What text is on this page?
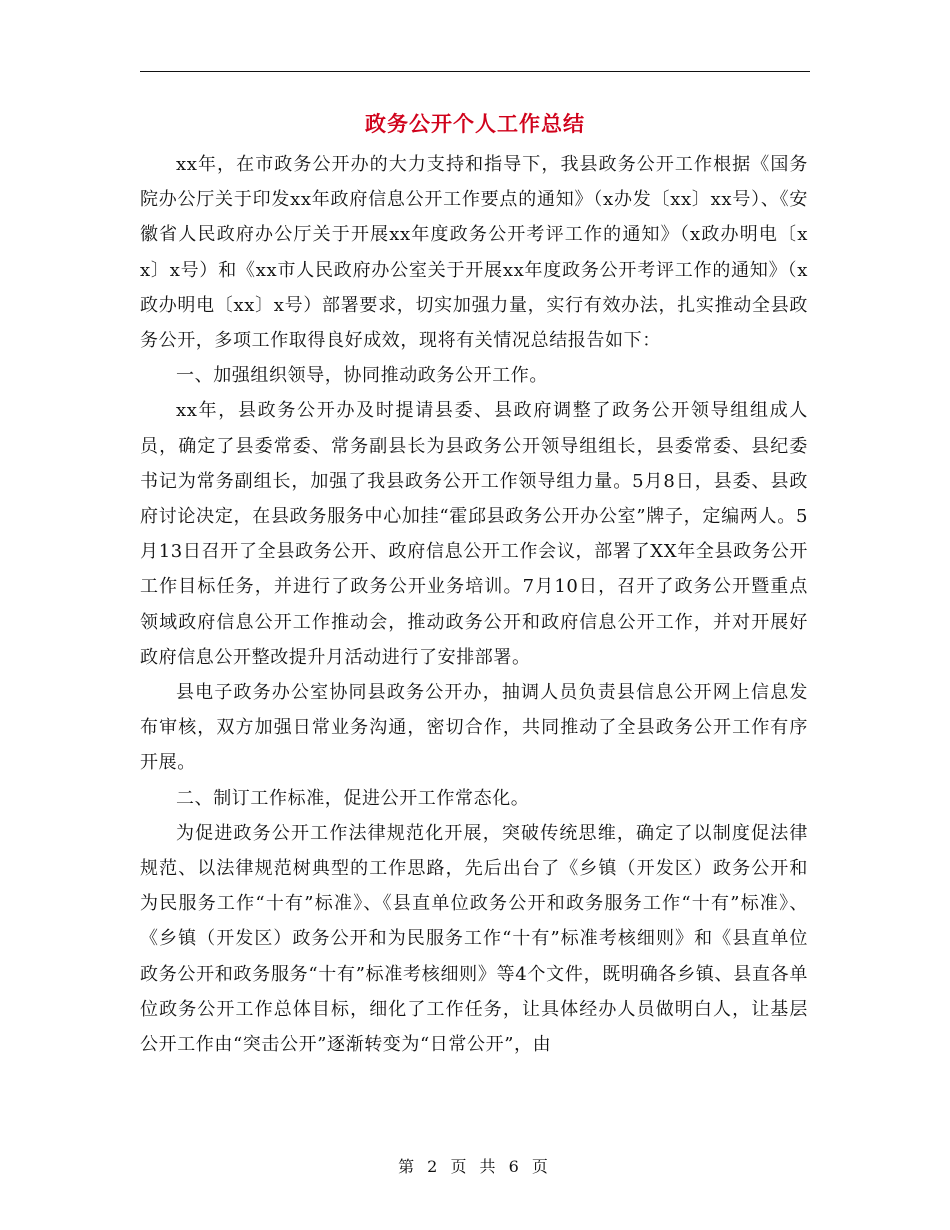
政务公开个人工作总结

xx年，在市政务公开办的大力支持和指导下，我县政务公开工作根据《国务院办公厅关于印发xx年政府信息公开工作要点的通知》（x办发〔xx〕xx号）、《安徽省人民政府办公厅关于开展xx年度政务公开考评工作的通知》（x政办明电〔xx〕x号）和《xx市人民政府办公室关于开展xx年度政务公开考评工作的通知》（x政办明电〔xx〕x号）部署要求，切实加强力量，实行有效办法，扎实推动全县政务公开，多项工作取得良好成效，现将有关情况总结报告如下：

一、加强组织领导，协同推动政务公开工作。

xx年，县政务公开办及时提请县委、县政府调整了政务公开领导组组成人员，确定了县委常委、常务副县长为县政务公开领导组组长，县委常委、县纪委书记为常务副组长，加强了我县政务公开工作领导组力量。5月8日，县委、县政府讨论决定，在县政务服务中心加挂“霍邱县政务公开办公室”牌子，定编两人。5月13日召开了全县政务公开、政府信息公开工作会议，部署了XX年全县政务公开工作目标任务，并进行了政务公开业务培训。7月10日，召开了政务公开暨重点领域政府信息公开工作推动会，推动政务公开和政府信息公开工作，并对开展好政府信息公开整改提升月活动进行了安排部署。

县电子政务办公室协同县政务公开办，抽调人员负责县信息公开网上信息发布审核，双方加强日常业务沟通，密切合作，共同推动了全县政务公开工作有序开展。

二、制订工作标准，促进公开工作常态化。

为促进政务公开工作法律规范化开展，突破传统思维，确定了以制度促法律规范、以法律规范树典型的工作思路，先后出台了《乡镇（开发区）政务公开和为民服务工作“十有”标准》、《县直单位政务公开和政务服务工作“十有”标准》、《乡镇（开发区）政务公开和为民服务工作“十有”标准考核细则》和《县直单位政务公开和政务服务“十有”标准考核细则》等4个文件，既明确各乡镇、县直各单位政务公开工作总体目标，细化了工作任务，让具体经办人员做明白人，让基层公开工作由“突击公开”逐渐转变为“日常公开”，由

第 2 页 共 6 页
